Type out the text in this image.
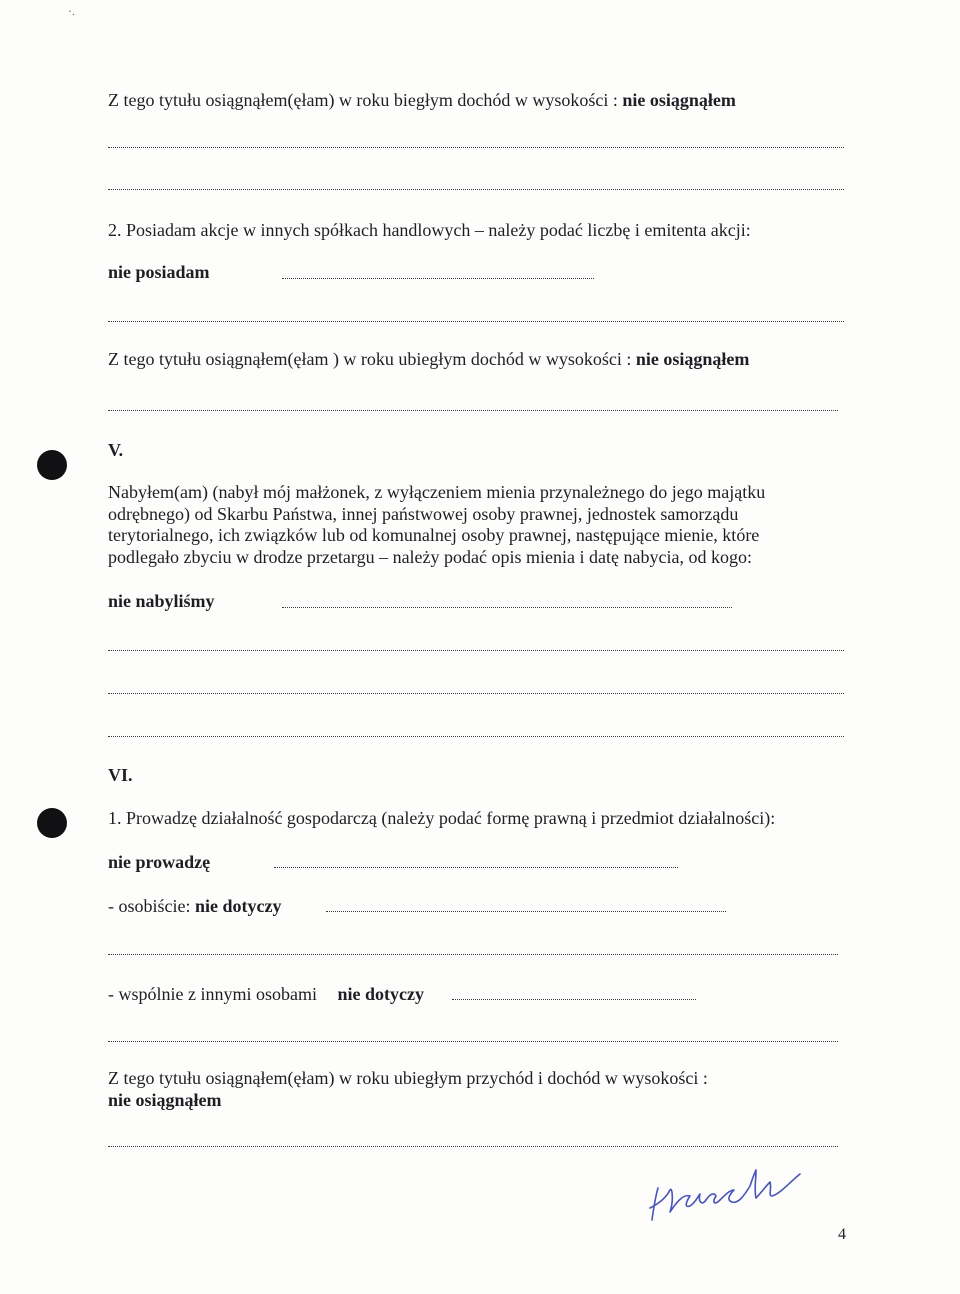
·.
Z tego tytułu osiągnąłem(ęłam) w roku biegłym dochód w wysokości : nie osiągnąłem
2. Posiadam akcje w innych spółkach handlowych – należy podać liczbę i emitenta akcji:
nie posiadam
Z tego tytułu osiągnąłem(ęłam ) w roku ubiegłym dochód w wysokości : nie osiągnąłem
V.
Nabyłem(am) (nabył mój małżonek, z wyłączeniem mienia przynależnego do jego majątku
odrębnego) od Skarbu Państwa, innej państwowej osoby prawnej, jednostek samorządu
terytorialnego, ich związków lub od komunalnej osoby prawnej, następujące mienie, które
podlegało zbyciu w drodze przetargu – należy podać opis mienia i datę nabycia, od kogo:
nie nabyliśmy
VI.
1. Prowadzę działalność gospodarczą (należy podać formę prawną i przedmiot działalności):
nie prowadzę
- osobiście: nie dotyczy
- wspólnie z innymi osobami nie dotyczy
Z tego tytułu osiągnąłem(ęłam) w roku ubiegłym przychód i dochód w wysokości :
nie osiągnąłem
4
